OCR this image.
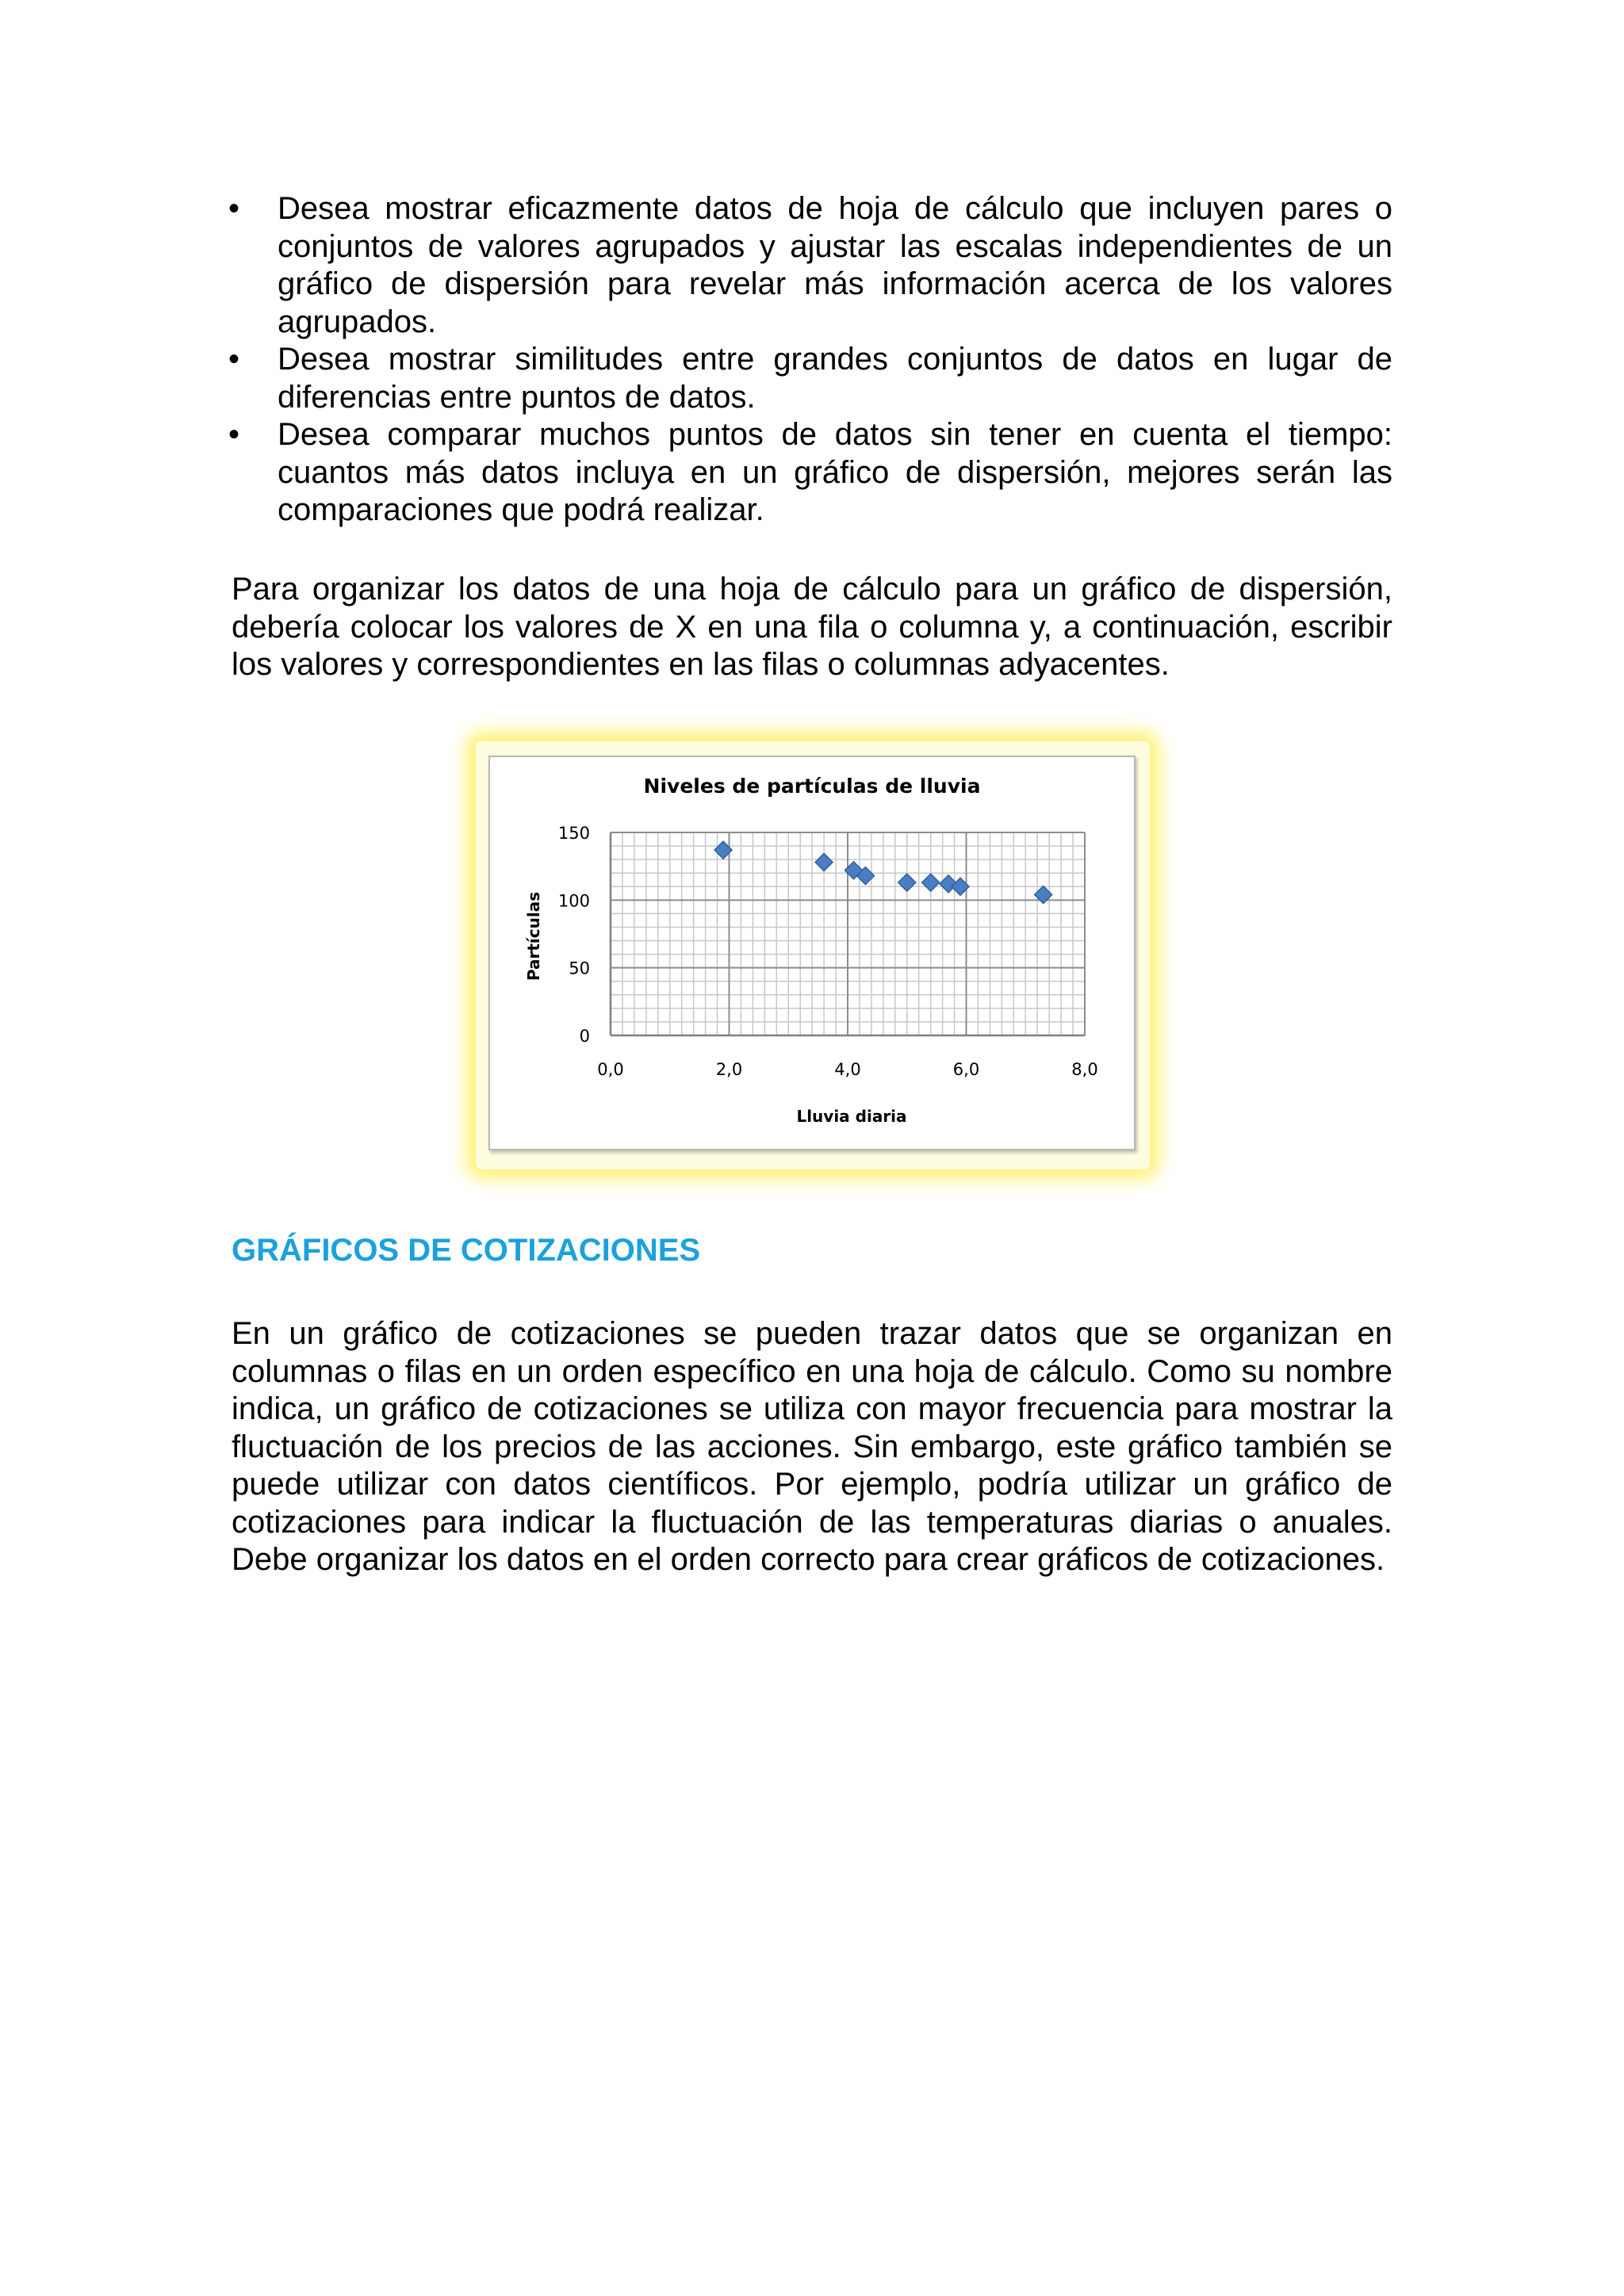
• Desea mostrar eficazmente datos de hoja de cálculo que incluyen pares o conjuntos de valores agrupados y ajustar las escalas independientes de un gráfico de dispersión para revelar más información acerca de los valores agrupados.
• Desea mostrar similitudes entre grandes conjuntos de datos en lugar de diferencias entre puntos de datos.
• Desea comparar muchos puntos de datos sin tener en cuenta el tiempo: cuantos más datos incluya en un gráfico de dispersión, mejores serán las comparaciones que podrá realizar.

Para organizar los datos de una hoja de cálculo para un gráfico de dispersión, debería colocar los valores de X en una fila o columna y, a continuación, escribir los valores y correspondientes en las filas o columnas adyacentes.

0,0	2,0	4,0	6,0	8,0
0
50
100
150
Niveles de partículas de lluvia
Lluvia diaria
Partículas
GRÁFICOS DE COTIZACIONES

En un gráfico de cotizaciones se pueden trazar datos que se organizan en columnas o filas en un orden específico en una hoja de cálculo. Como su nombre indica, un gráfico de cotizaciones se utiliza con mayor frecuencia para mostrar la fluctuación de los precios de las acciones. Sin embargo, este gráfico también se puede utilizar con datos científicos. Por ejemplo, podría utilizar un gráfico de cotizaciones para indicar la fluctuación de las temperaturas diarias o anuales. Debe organizar los datos en el orden correcto para crear gráficos de cotizaciones.
